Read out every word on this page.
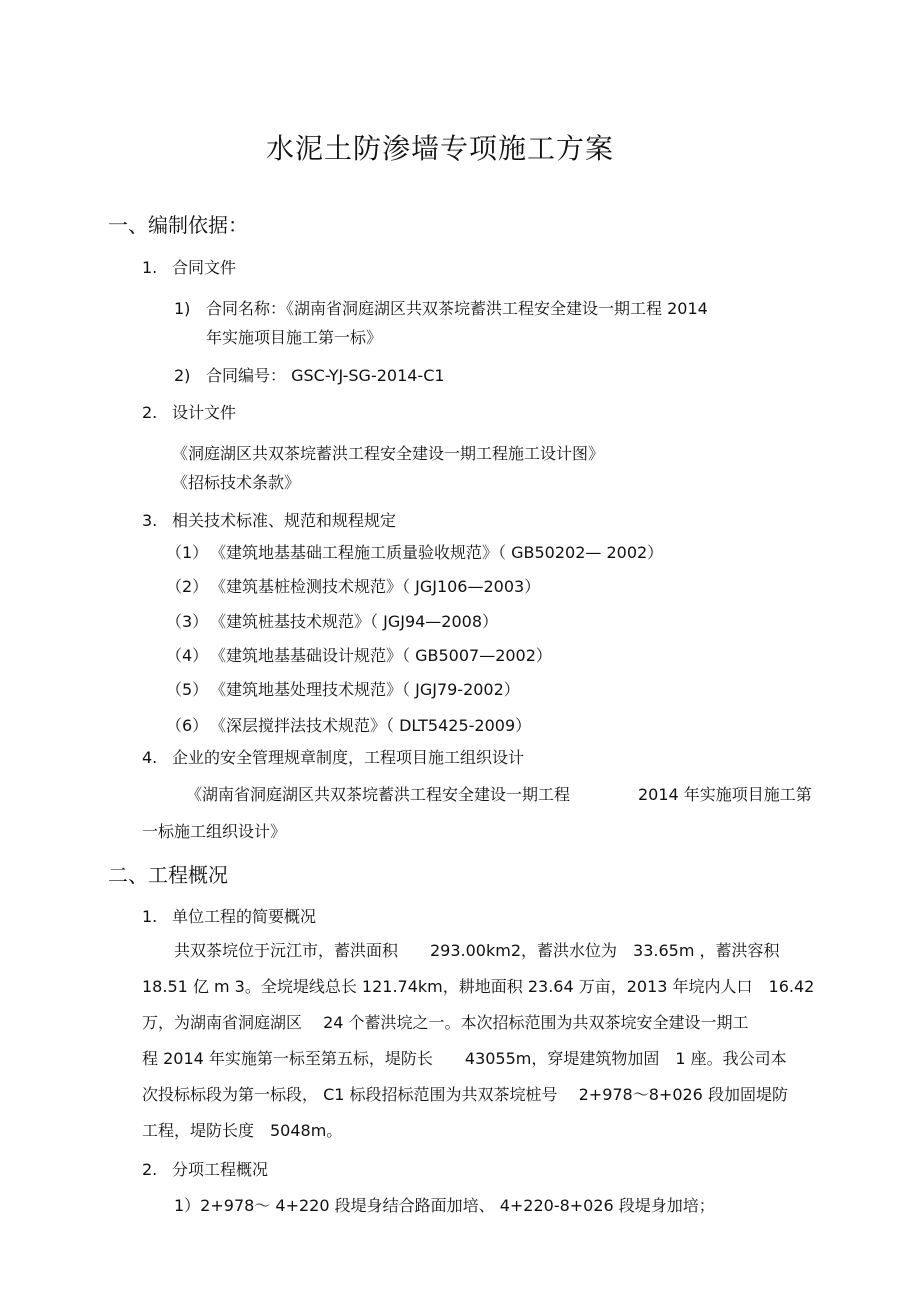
水泥土防渗墙专项施工方案
一、编制依据：
1. 合同文件
1) 合同名称：《湖南省洞庭湖区共双茶垸蓄洪工程安全建设一期工程 2014
年实施项目施工第一标》
2) 合同编号： GSC-YJ-SG-2014-C1
2. 设计文件
《洞庭湖区共双茶垸蓄洪工程安全建设一期工程施工设计图》
《招标技术条款》
3. 相关技术标准、规范和规程规定
（1） 《建筑地基基础工程施工质量验收规范》（ GB50202— 2002）
（2） 《建筑基桩检测技术规范》（ JGJ106—2003）
（3） 《建筑桩基技术规范》（ JGJ94—2008）
（4） 《建筑地基基础设计规范》（ GB5007—2002）
（5） 《建筑地基处理技术规范》（ JGJ79-2002）
（6） 《深层搅拌法技术规范》（ DLT5425-2009）
4. 企业的安全管理规章制度，工程项目施工组织设计
《湖南省洞庭湖区共双茶垸蓄洪工程安全建设一期工程	2014 年实施项目施工第
一标施工组织设计》
二、工程概况
1. 单位工程的简要概况
共双茶垸位于沅江市，蓄洪面积　　293.00km2，蓄洪水位为　33.65m ，蓄洪容积
18.51 亿 m 3。全垸堤线总长 121.74km，耕地面积 23.64 万亩，2013 年垸内人口　16.42
万，为湖南省洞庭湖区　 24 个蓄洪垸之一。本次招标范围为共双茶垸安全建设一期工
程 2014 年实施第一标至第五标，堤防长　　43055m，穿堤建筑物加固　1 座。我公司本
次投标标段为第一标段， C1 标段招标范围为共双茶垸桩号　 2+978～8+026 段加固堤防
工程，堤防长度　5048m。
2. 分项工程概况
1）2+978～ 4+220 段堤身结合路面加培、 4+220-8+026 段堤身加培；
